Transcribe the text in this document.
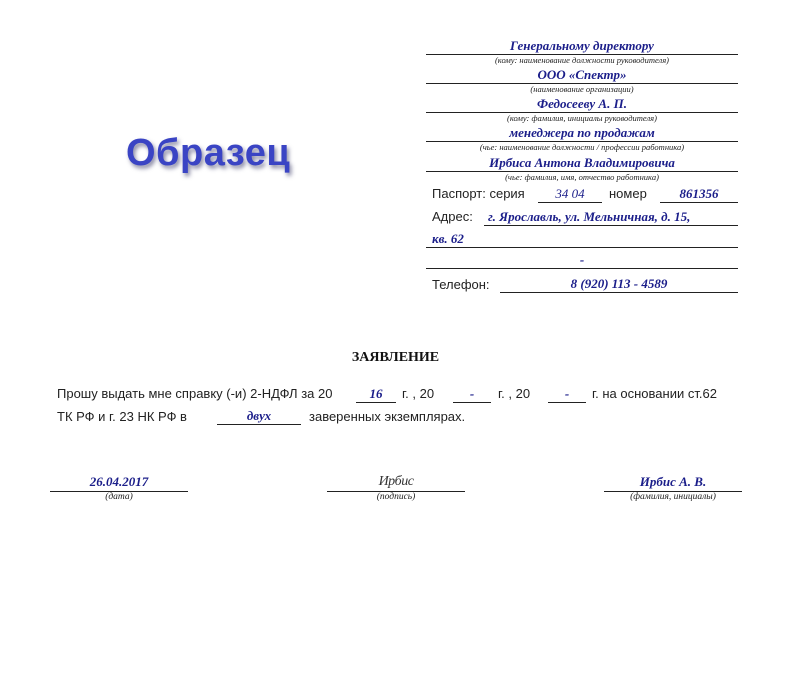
Образец
Генеральному директору
(кому: наименование должности руководителя)
ООО «Спектр»
(наименование организации)
Федосееву А. П.
(кому: фамилия, инициалы руководителя)
менеджера по продажам
(чье: наименование должности / профессии работника)
Ирбиса Антона Владимировича
(чье: фамилия, имя, отчество работника)
Паспорт: серия	34 04	номер	861356
Адрес: г. Ярославль, ул. Мельничная, д. 15,
кв. 62
-
Телефон:	8 (920) 113 - 4589
ЗАЯВЛЕНИЕ
Прошу выдать мне справку (-и) 2-НДФЛ за 20	16	г. , 20	-	г. , 20	-	г. на основании ст.62
ТК РФ и г. 23 НК РФ в	двух	заверенных экземплярах.
26.04.2017
(дата)
Ирбис
(подпись)
Ирбис А. В.
(фамилия, инициалы)
